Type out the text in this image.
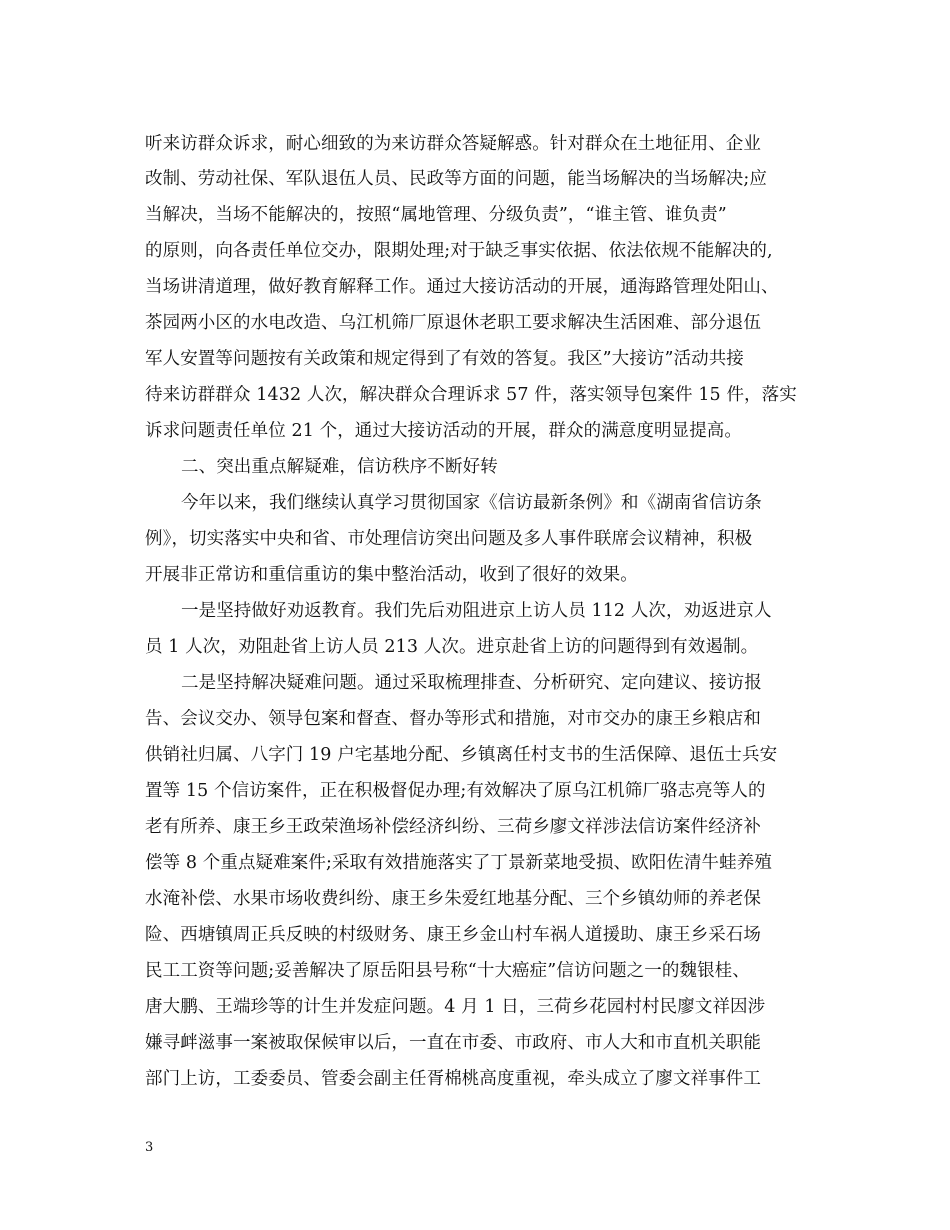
听来访群众诉求，耐心细致的为来访群众答疑解惑。针对群众在土地征用、企业
改制、劳动社保、军队退伍人员、民政等方面的问题，能当场解决的当场解决;应
当解决，当场不能解决的，按照“属地管理、分级负责”，“谁主管、谁负责”
的原则，向各责任单位交办，限期处理;对于缺乏事实依据、依法依规不能解决的,
当场讲清道理，做好教育解释工作。通过大接访活动的开展，通海路管理处阳山、
茶园两小区的水电改造、乌江机筛厂原退休老职工要求解决生活困难、部分退伍
军人安置等问题按有关政策和规定得到了有效的答复。我区”大接访”活动共接
待来访群群众 1432 人次，解决群众合理诉求 57 件，落实领导包案件 15 件，落实
诉求问题责任单位 21 个，通过大接访活动的开展，群众的满意度明显提高。
二、突出重点解疑难，信访秩序不断好转
今年以来，我们继续认真学习贯彻国家《信访最新条例》和《湖南省信访条
例》，切实落实中央和省、市处理信访突出问题及多人事件联席会议精神，积极
开展非正常访和重信重访的集中整治活动，收到了很好的效果。
一是坚持做好劝返教育。我们先后劝阻进京上访人员 112 人次，劝返进京人
员 1 人次，劝阻赴省上访人员 213 人次。进京赴省上访的问题得到有效遏制。
二是坚持解决疑难问题。通过采取梳理排查、分析研究、定向建议、接访报
告、会议交办、领导包案和督查、督办等形式和措施，对市交办的康王乡粮店和
供销社归属、八字门 19 户宅基地分配、乡镇离任村支书的生活保障、退伍士兵安
置等 15 个信访案件，正在积极督促办理;有效解决了原乌江机筛厂骆志亮等人的
老有所养、康王乡王政荣渔场补偿经济纠纷、三荷乡廖文祥涉法信访案件经济补
偿等 8 个重点疑难案件;采取有效措施落实了丁景新菜地受损、欧阳佐清牛蛙养殖
水淹补偿、水果市场收费纠纷、康王乡朱爱红地基分配、三个乡镇幼师的养老保
险、西塘镇周正兵反映的村级财务、康王乡金山村车祸人道援助、康王乡采石场
民工工资等问题;妥善解决了原岳阳县号称“十大癌症”信访问题之一的魏银桂、
唐大鹏、王端珍等的计生并发症问题。4 月 1 日，三荷乡花园村村民廖文祥因涉
嫌寻衅滋事一案被取保候审以后，一直在市委、市政府、市人大和市直机关职能
部门上访，工委委员、管委会副主任胥棉桃高度重视，牵头成立了廖文祥事件工
3
